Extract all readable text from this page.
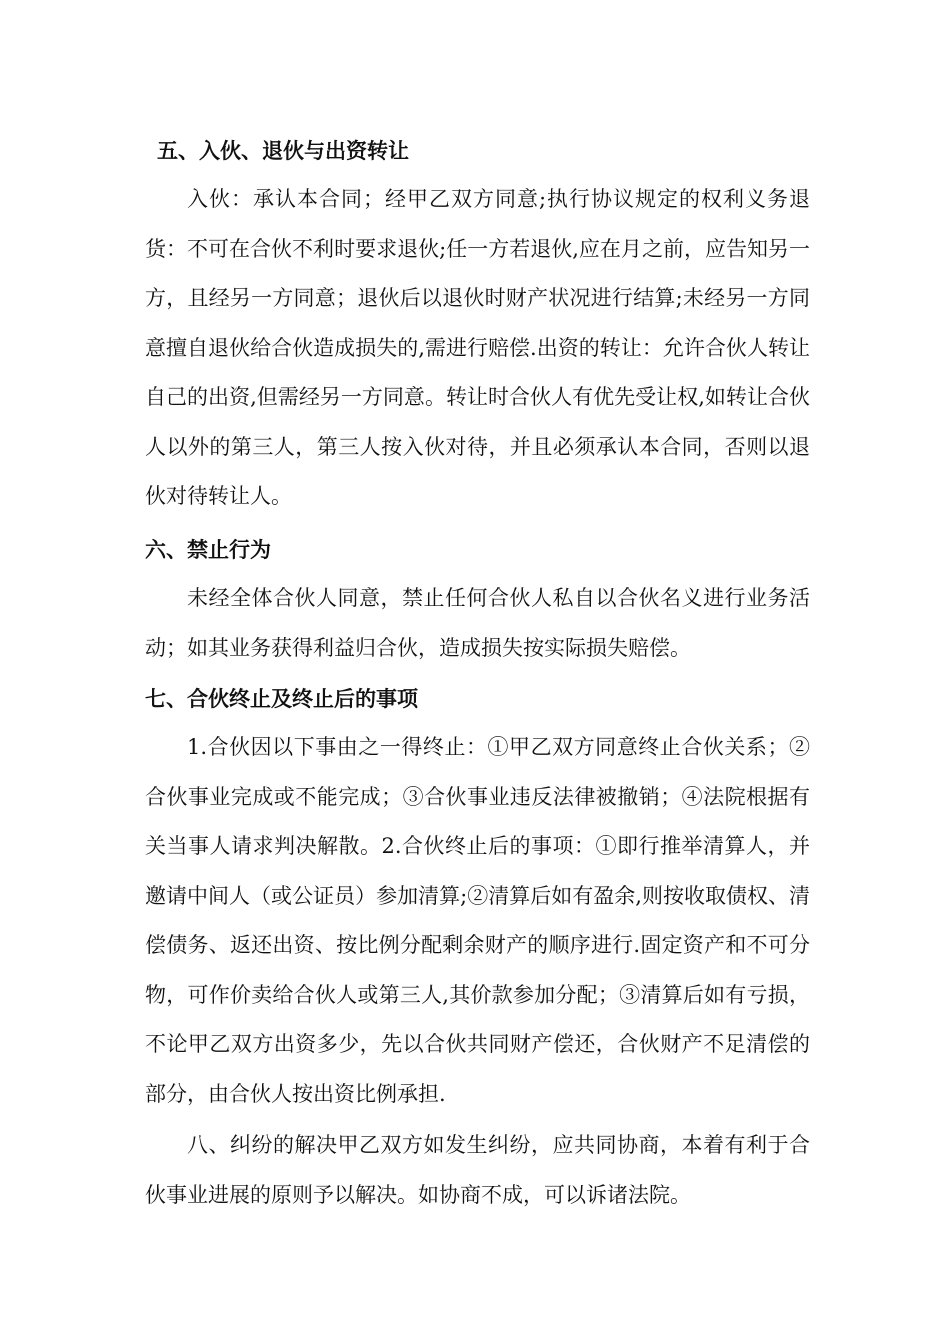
五、入伙、退伙与出资转让

入伙：承认本合同；经甲乙双方同意;执行协议规定的权利义务退货：不可在合伙不利时要求退伙;任一方若退伙,应在月之前，应告知另一方，且经另一方同意；退伙后以退伙时财产状况进行结算;未经另一方同意擅自退伙给合伙造成损失的,需进行赔偿.出资的转让：允许合伙人转让自己的出资,但需经另一方同意。转让时合伙人有优先受让权,如转让合伙人以外的第三人，第三人按入伙对待，并且必须承认本合同，否则以退伙对待转让人。

六、禁止行为

未经全体合伙人同意，禁止任何合伙人私自以合伙名义进行业务活动；如其业务获得利益归合伙，造成损失按实际损失赔偿。

七、合伙终止及终止后的事项

1.合伙因以下事由之一得终止：①甲乙双方同意终止合伙关系；②合伙事业完成或不能完成；③合伙事业违反法律被撤销；④法院根据有关当事人请求判决解散。2.合伙终止后的事项：①即行推举清算人，并邀请中间人（或公证员）参加清算;②清算后如有盈余,则按收取债权、清偿债务、返还出资、按比例分配剩余财产的顺序进行.固定资产和不可分物，可作价卖给合伙人或第三人,其价款参加分配；③清算后如有亏损，不论甲乙双方出资多少，先以合伙共同财产偿还，合伙财产不足清偿的部分，由合伙人按出资比例承担.

八、纠纷的解决甲乙双方如发生纠纷，应共同协商，本着有利于合伙事业进展的原则予以解决。如协商不成，可以诉诸法院。
